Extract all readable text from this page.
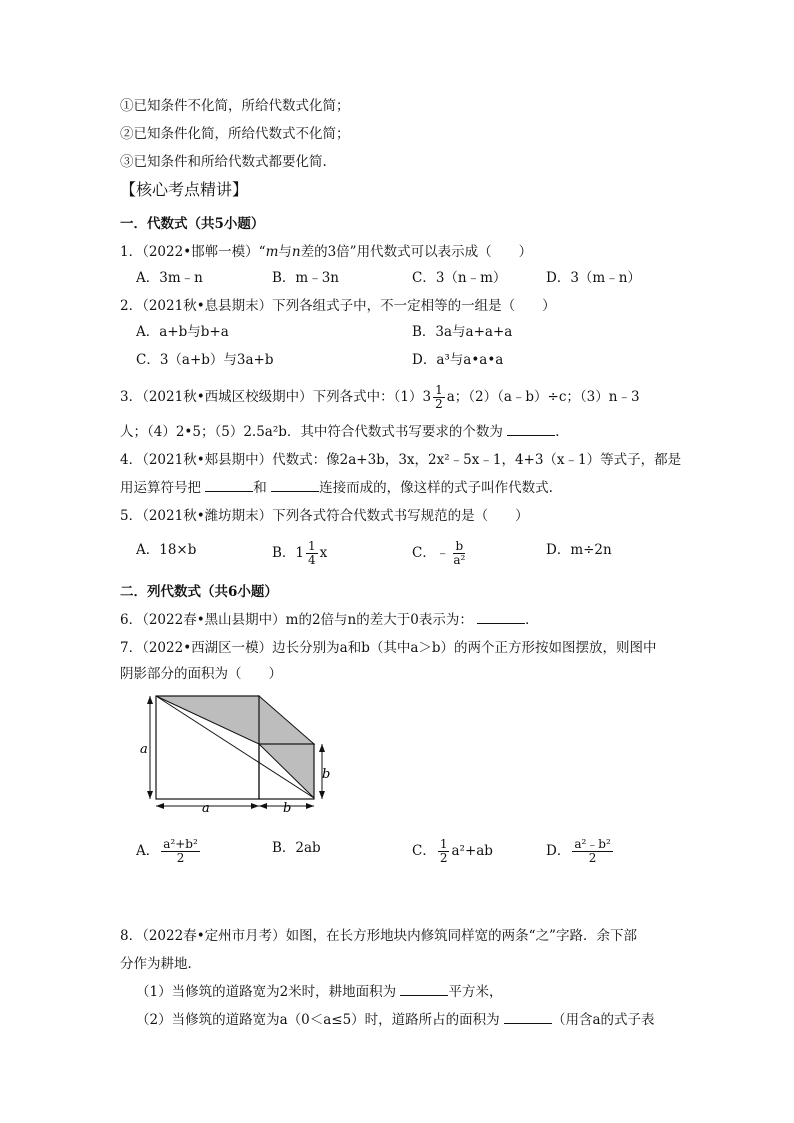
①已知条件不化简，所给代数式化简；
②已知条件化简，所给代数式不化简；
③已知条件和所给代数式都要化简.
【核心考点精讲】
一．代数式（共5小题）
1．（2022•邯郸一模）“m与n差的3倍”用代数式可以表示成（　　）
A．3m﹣n	B．m﹣3n	C．3（n﹣m）	D．3（m﹣n）
2．（2021秋•息县期末）下列各组式子中，不一定相等的一组是（　　）
A．a+b与b+a	B．3a与a+a+a
C．3（a+b）与3a+b	D．a³与a•a•a
3．（2021秋•西城区校级期中）下列各式中：$(1)3 \frac{1}{2}$ a；（2）（a﹣b）÷c；（3）n﹣3
人；（4）2•5；（5）2.5a²b．其中符合代数式书写要求的个数为	．
4．（2021秋•郏县期中）代数式：像2a+3b，3x，2x²﹣5x﹣1，4+3（x﹣1）等式子，都是
用运算符号把	和	连接而成的，像这样的式子叫作代数式.
5．（2021秋•潍坊期末）下列各式符合代数式书写规范的是（　　）
A．18×b	B．$1 \frac{1}{4}$ x	C．﹣ $\frac{b}{\text{a²}}$	D．m÷2n
二．列代数式（共6小题）
6．（2022春•黑山县期中）m的2倍与n的差大于0表示为：	．
7．（2022•西湖区一模）边长分别为a和b（其中a＞b）的两个正方形按如图摆放，则图中
阴影部分的面积为（　　）
a
a	b
b
A． $\frac{\text{a²+b²}}{2}$	B．2ab	C． $\frac{1}{2} a^2+ab$	D． $\frac{\text{a²﹣b²}}{2}$
8．（2022春•定州市月考）如图，在长方形地块内修筑同样宽的两条“之”字路．余下部
分作为耕地．
（1）当修筑的道路宽为2米时，耕地面积为	平方米，
（2）当修筑的道路宽为a（0＜a≤5）时，道路所占的面积为	（用含a的式子表
